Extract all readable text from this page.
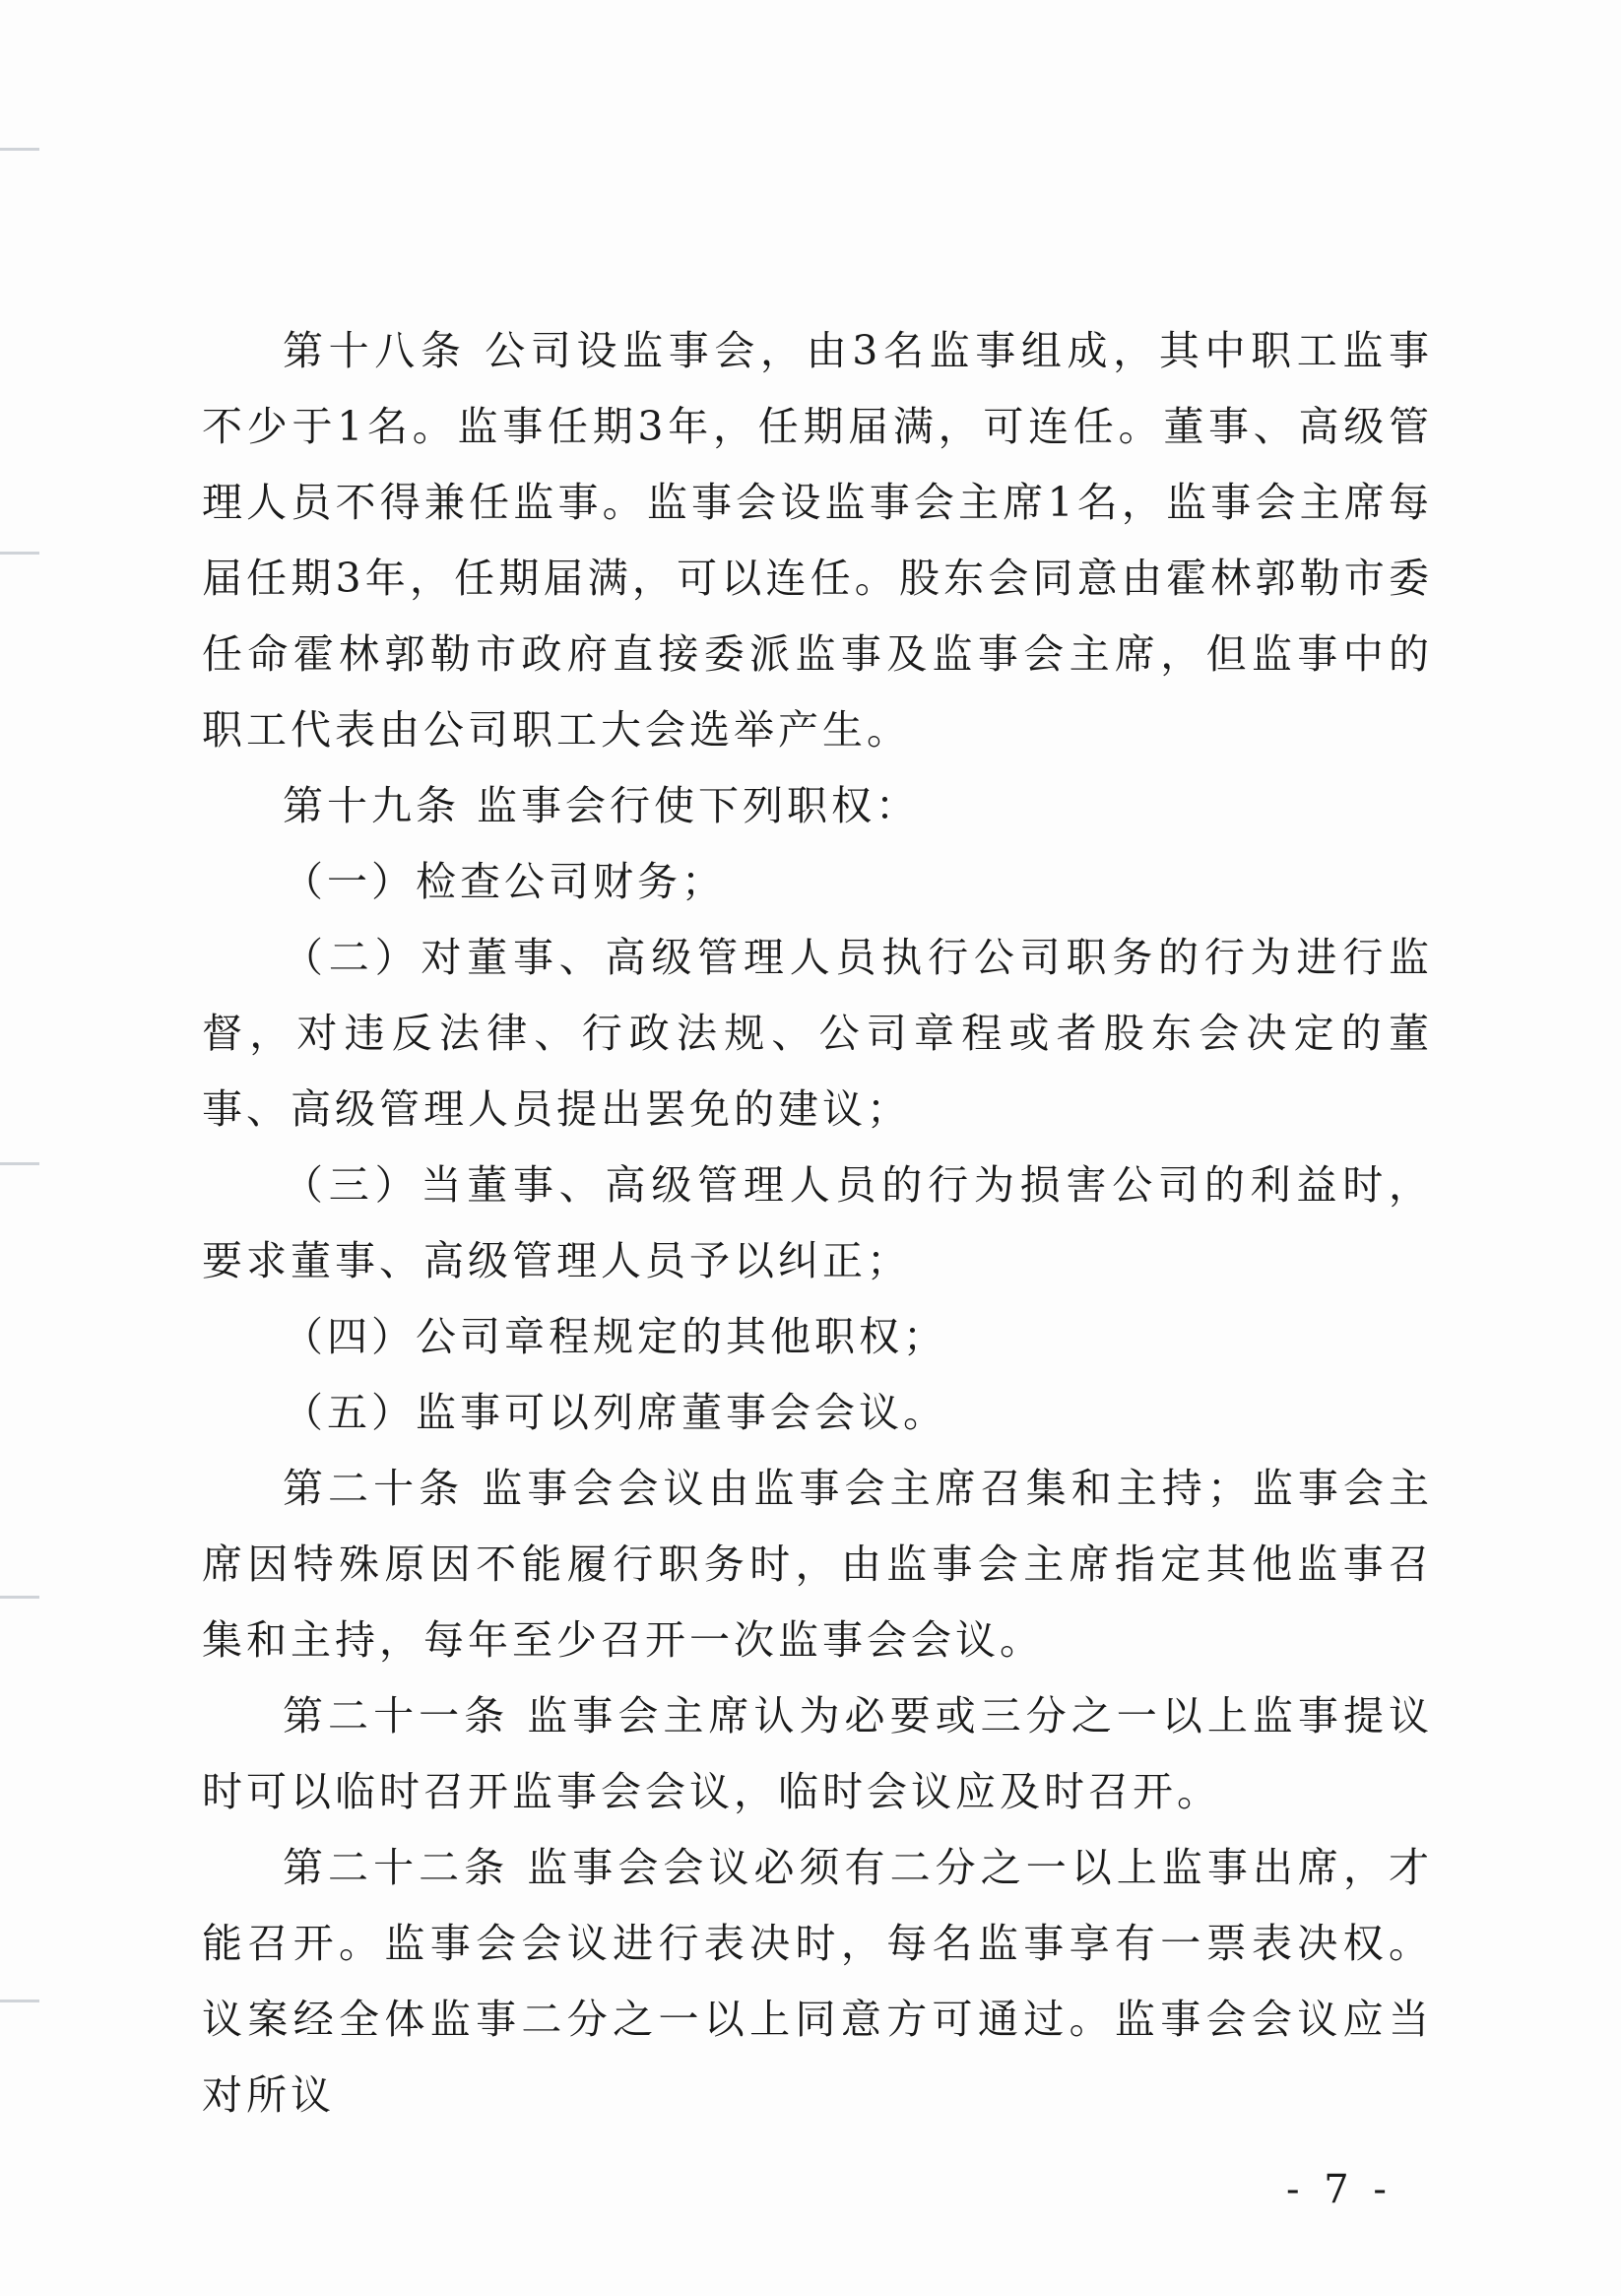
第十八条 公司设监事会，由3名监事组成，其中职工监事不少于1名。监事任期3年，任期届满，可连任。董事、高级管理人员不得兼任监事。监事会设监事会主席1名，监事会主席每届任期3年，任期届满，可以连任。股东会同意由霍林郭勒市委任命霍林郭勒市政府直接委派监事及监事会主席，但监事中的职工代表由公司职工大会选举产生。

第十九条 监事会行使下列职权：

（一）检查公司财务；

（二）对董事、高级管理人员执行公司职务的行为进行监督，对违反法律、行政法规、公司章程或者股东会决定的董事、高级管理人员提出罢免的建议；

（三）当董事、高级管理人员的行为损害公司的利益时，要求董事、高级管理人员予以纠正；

（四）公司章程规定的其他职权；

（五）监事可以列席董事会会议。

第二十条 监事会会议由监事会主席召集和主持；监事会主席因特殊原因不能履行职务时，由监事会主席指定其他监事召集和主持，每年至少召开一次监事会会议。

第二十一条 监事会主席认为必要或三分之一以上监事提议时可以临时召开监事会会议，临时会议应及时召开。

第二十二条 监事会会议必须有二分之一以上监事出席，才能召开。监事会会议进行表决时，每名监事享有一票表决权。议案经全体监事二分之一以上同意方可通过。监事会会议应当对所议

- 7 -
